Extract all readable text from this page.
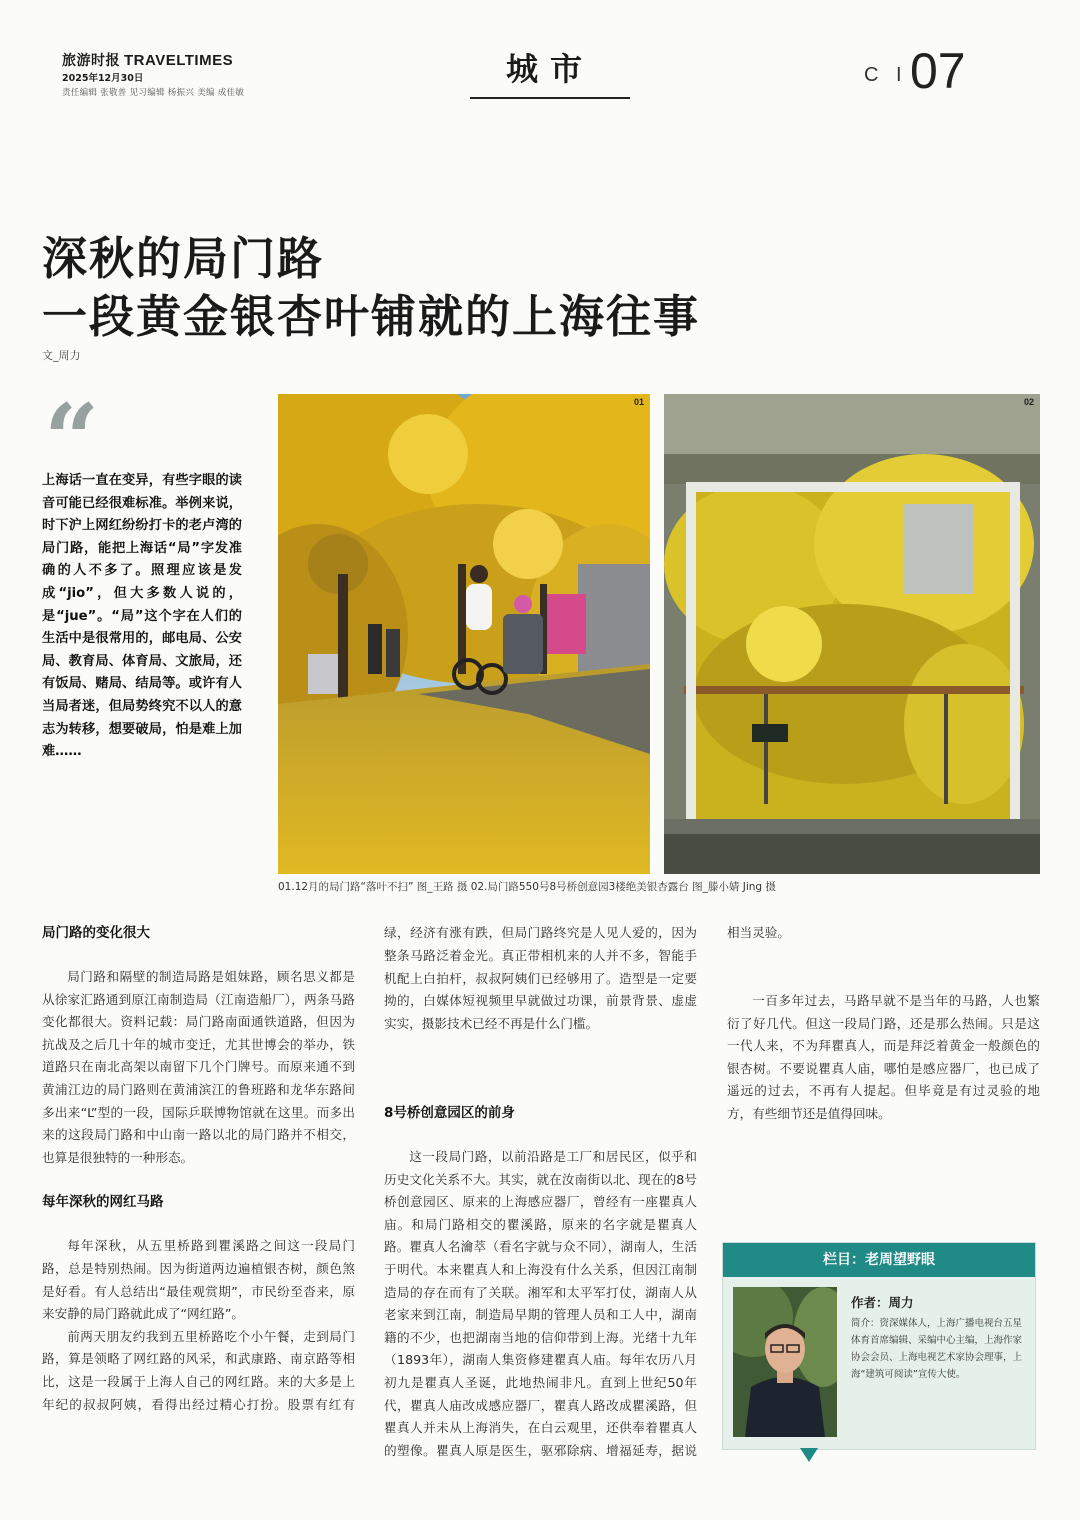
旅游时报 TRAVELTIMES
2025年12月30日
责任编辑 张敬普 见习编辑 杨振兴 美编 成佳敏
城市	C I 07
深秋的局门路
一段黄金银杏叶铺就的上海往事
文_周力
“
上海话一直在变异，有些字眼的读音可能已经很难标准。举例来说，时下沪上网红纷纷打卡的老卢湾的局门路，能把上海话“局”字发准确的人不多了。照理应该是发成“jio”，但大多数人说的，是“jue”。“局”这个字在人们的生活中是很常用的，邮电局、公安局、教育局、体育局、文旅局，还有饭局、赌局、结局等。或许有人当局者迷，但局势终究不以人的意志为转移，想要破局，怕是难上加难……
01	02
01.12月的局门路“落叶不扫” 图_王路 摄 02.局门路550号8号桥创意园3楼绝美银杏露台 图_滕小婧 Jing 摄
局门路的变化很大

局门路和隔壁的制造局路是姐妹路，顾名思义都是从徐家汇路通到原江南制造局（江南造船厂），两条马路变化都很大。资料记载：局门路南面通铁道路，但因为抗战及之后几十年的城市变迁，尤其世博会的举办，铁道路只在南北高架以南留下几个门牌号。而原来通不到黄浦江边的局门路则在黄浦滨江的鲁班路和龙华东路间多出来“L”型的一段，国际乒联博物馆就在这里。而多出来的这段局门路和中山南一路以北的局门路并不相交，也算是很独特的一种形态。

每年深秋的网红马路

每年深秋，从五里桥路到瞿溪路之间这一段局门路，总是特别热闹。因为街道两边遍植银杏树，颜色煞是好看。有人总结出“最佳观赏期”，市民纷至沓来，原来安静的局门路就此成了“网红路”。

前两天朋友约我到五里桥路吃个小午餐，走到局门路，算是领略了网红路的风采，和武康路、南京路等相比，这是一段属于上海人自己的网红路。来的大多是上年纪的叔叔阿姨，看得出经过精心打扮。股票有红有

绿，经济有涨有跌，但局门路终究是人见人爱的，因为整条马路泛着金光。真正带相机来的人并不多，智能手机配上白拍杆，叔叔阿姨们已经够用了。造型是一定要拗的，白媒体短视频里早就做过功课，前景背景、虚虚实实，摄影技术已经不再是什么门槛。

8号桥创意园区的前身

这一段局门路，以前沿路是工厂和居民区，似乎和历史文化关系不大。其实，就在汝南街以北、现在的8号桥创意园区、原来的上海感应器厂，曾经有一座瞿真人庙。和局门路相交的瞿溪路，原来的名字就是瞿真人路。瞿真人名瀹萃（看名字就与众不同），湖南人，生活于明代。本来瞿真人和上海没有什么关系，但因江南制造局的存在而有了关联。湘军和太平军打仗，湖南人从老家来到江南，制造局早期的管理人员和工人中，湖南籍的不少，也把湖南当地的信仰带到上海。光绪十九年（1893年），湖南人集资修建瞿真人庙。每年农历八月初九是瞿真人圣诞，此地热闹非凡。直到上世纪50年代，瞿真人庙改成感应器厂，瞿真人路改成瞿溪路，但瞿真人并未从上海消失，在白云观里，还供奉着瞿真人的塑像。瞿真人原是医生，驱邪除病、增福延寿，据说

相当灵验。

一百多年过去，马路早就不是当年的马路，人也繁衍了好几代。但这一段局门路，还是那么热闹。只是这一代人来，不为拜瞿真人，而是拜泛着黄金一般颜色的银杏树。不要说瞿真人庙，哪怕是感应器厂，也已成了遥远的过去，不再有人提起。但毕竟是有过灵验的地方，有些细节还是值得回味。

栏目：老周望野眼
作者：周力
简介：资深媒体人，上海广播电视台五星体育首席编辑、采编中心主编，上海作家协会会员、上海电视艺术家协会理事，上海“建筑可阅读”宣传大使。
